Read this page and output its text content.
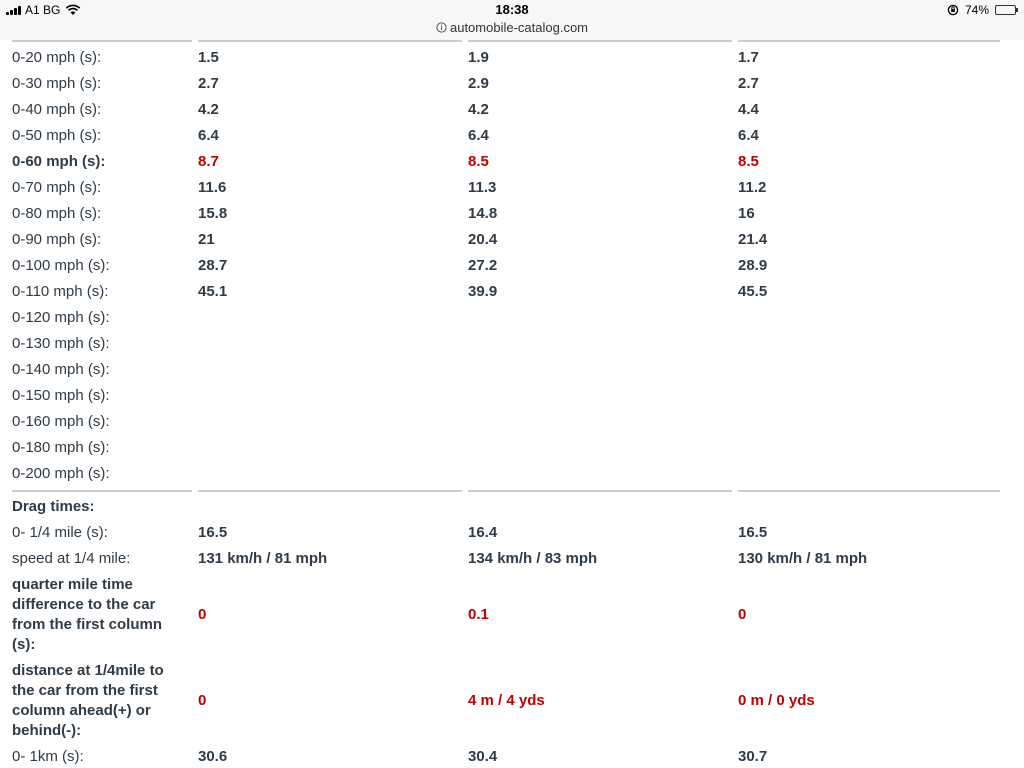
A1 BG	18:38
automobile-catalog.com
74%
0-20 mph (s):	1.5	1.9	1.7
0-30 mph (s):	2.7	2.9	2.7
0-40 mph (s):	4.2	4.2	4.4
0-50 mph (s):	6.4	6.4	6.4
0-60 mph (s):	8.7	8.5	8.5
0-70 mph (s):	11.6	11.3	11.2
0-80 mph (s):	15.8	14.8	16
0-90 mph (s):	21	20.4	21.4
0-100 mph (s):	28.7	27.2	28.9
0-110 mph (s):	45.1	39.9	45.5
0-120 mph (s):
0-130 mph (s):
0-140 mph (s):
0-150 mph (s):
0-160 mph (s):
0-180 mph (s):
0-200 mph (s):
Drag times:
0- 1/4 mile (s):	16.5	16.4	16.5
speed at 1/4 mile:	131 km/h / 81 mph	134 km/h / 83 mph	130 km/h / 81 mph
quarter mile time
difference to the car
from the first column
(s):
0	0.1	0
distance at 1/4mile to
the car from the first
column ahead(+) or
behind(-):
0	4 m / 4 yds	0 m / 0 yds
0- 1km (s):	30.6	30.4	30.7
